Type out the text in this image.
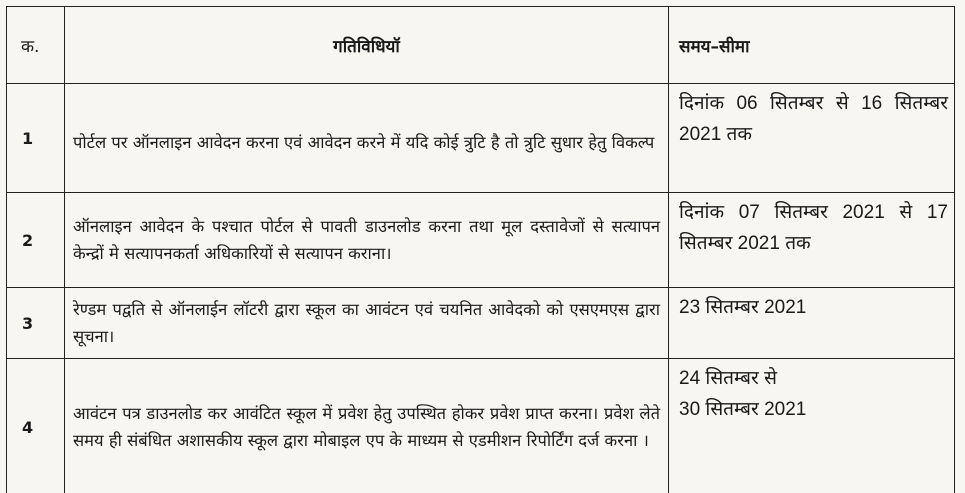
क.	गतिविधियॉ	समय–सीमा
1	पोर्टल पर ऑनलाइन आवेदन करना एवं आवेदन करने में यदि कोई त्रुटि है तो त्रुटि सुधार हेतु विकल्प	दिनांक 06 सितम्बर से 16 सितम्बर 2021 तक
2	ऑनलाइन आवेदन के पश्चात पोर्टल से पावती डाउनलोड करना तथा मूल दस्तावेजों से सत्यापन केन्द्रों मे सत्यापनकर्ता अधिकारियों से सत्यापन कराना।	दिनांक 07 सितम्बर 2021 से 17 सितम्बर 2021 तक
3	रेण्डम पद्वति से ऑनलाईन लॉटरी द्वारा स्कूल का आवंटन एवं चयनित आवेदको को एसएमएस द्वारा सूचना।	23 सितम्बर 2021
4	आवंटन पत्र डाउनलोड कर आवंटित स्कूल में प्रवेश हेतु उपस्थित होकर प्रवेश प्राप्त करना। प्रवेश लेते समय ही संबंधित अशासकीय स्कूल द्वारा मोबाइल एप के माध्यम से एडमीशन रिपोर्टिंग दर्ज करना ।	24 सितम्बर से
30 सितम्बर 2021
